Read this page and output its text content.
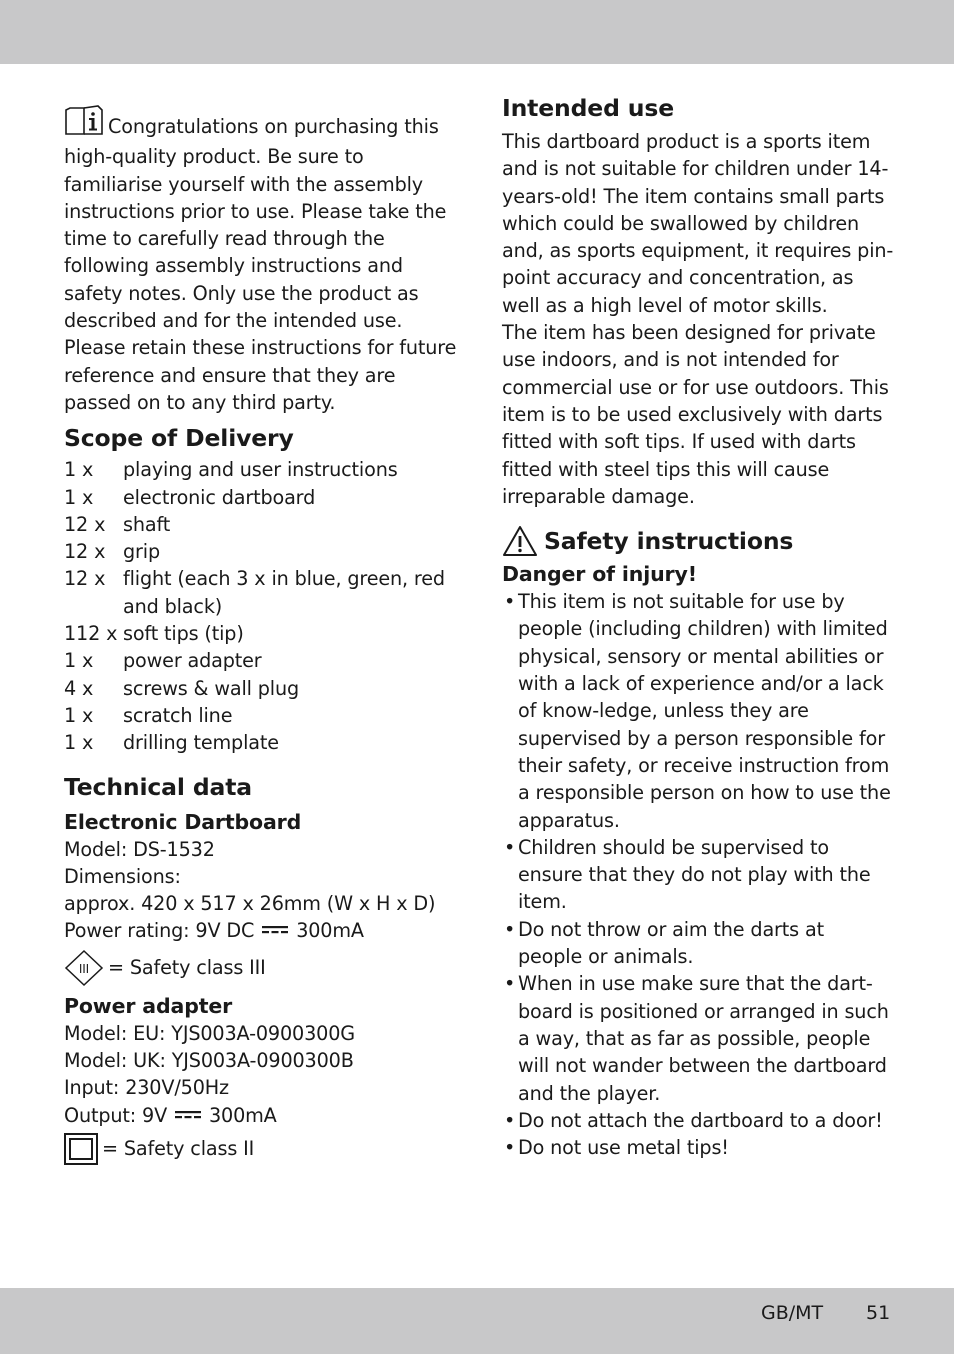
Congratulations on purchasing this high-quality product. Be sure to familiarise yourself with the assembly instructions prior to use. Please take the time to carefully read through the following assembly instructions and safety notes. Only use the product as described and for the intended use. Please retain these instructions for future reference and ensure that they are passed on to any third party.

Scope of Delivery
1 x	playing and user instructions
1 x	electronic dartboard
12 x shaft
12 x grip
12 x flight (each 3 x in blue, green, red and black)
112 x soft tips (tip)
1 x	power adapter
4 x	screws & wall plug
1 x	scratch line
1 x	drilling template
Technical data
Electronic Dartboard

Model: DS-1532

Dimensions:

approx. 420 x 517 x 26mm (W x H x D)

Power rating: 9V DC 300mA

III = Safety class III
Power adapter

Model: EU: YJS003A-0900300G

Model: UK: YJS003A-0900300B

Input: 230V/50Hz

Output: 9V 300mA

= Safety class II
Intended use

This dartboard product is a sports item and is not suitable for children under 14-years-old! The item contains small parts which could be swallowed by children and, as sports equipment, it requires pin-point accuracy and concentration, as well as a high level of motor skills.

The item has been designed for private use indoors, and is not intended for commercial use or for use outdoors. This item is to be used exclusively with darts fitted with soft tips. If used with darts fitted with steel tips this will cause irreparable damage.

Safety instructions
Danger of injury!
• This item is not suitable for use by people (including children) with limited physical, sensory or mental abilities or with a lack of experience and/or a lack of know-ledge, unless they are supervised by a person responsible for their safety, or receive instruction from a responsible person on how to use the apparatus.
• Children should be supervised to ensure that they do not play with the item.
• Do not throw or aim the darts at people or animals.
• When in use make sure that the dart-board is positioned or arranged in such a way, that as far as possible, people will not wander between the dartboard and the player.
• Do not attach the dartboard to a door!
• Do not use metal tips!
GB/MT 51
